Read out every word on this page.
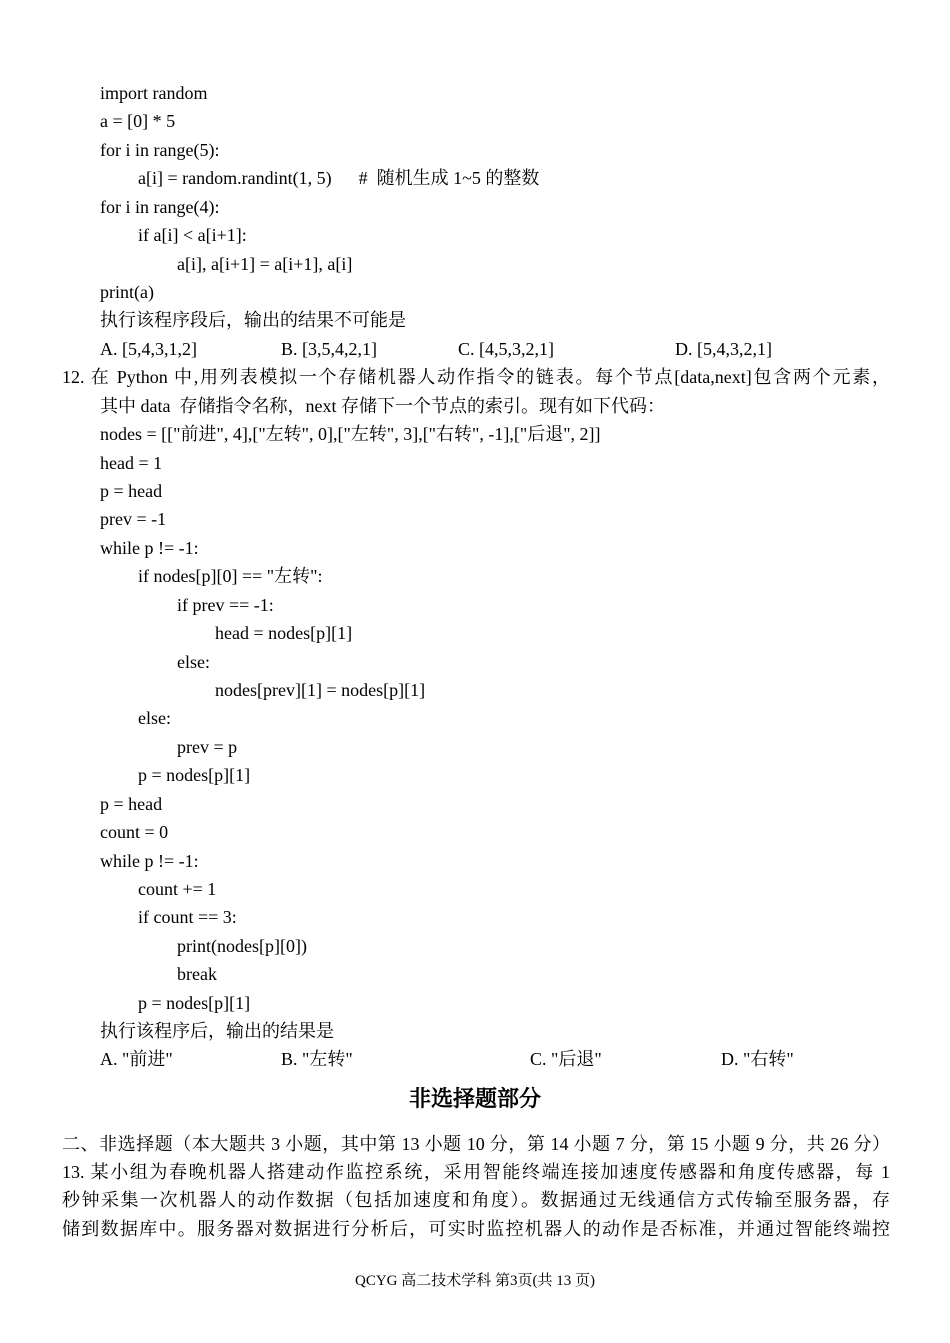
import random
a = [0] * 5
for i in range(5):
a[i] = random.randint(1, 5)      #  随机生成 1~5 的整数
for i in range(4):
if a[i] < a[i+1]:
a[i], a[i+1] = a[i+1], a[i]
print(a)
执行该程序段后，输出的结果不可能是
A. [5,4,3,1,2]	B. [3,5,4,2,1]	C. [4,5,3,2,1]	D. [5,4,3,2,1]
12. 在 Python 中,用列表模拟一个存储机器人动作指令的链表。每个节点[data,next]包含两个元素，
其中 data  存储指令名称，next 存储下一个节点的索引。现有如下代码：
nodes = [["前进", 4],["左转", 0],["左转", 3],["右转", -1],["后退", 2]]
head = 1
p = head
prev = -1
while p != -1:
if nodes[p][0] == "左转":
if prev == -1:
head = nodes[p][1]
else:
nodes[prev][1] = nodes[p][1]
else:
prev = p
p = nodes[p][1]
p = head
count = 0
while p != -1:
count += 1
if count == 3:
print(nodes[p][0])
break
p = nodes[p][1]
执行该程序后，输出的结果是
A. "前进"	B. "左转"	C. "后退"	D. "右转"
非选择题部分
二、非选择题（本大题共 3 小题，其中第 13 小题 10 分，第 14 小题 7 分，第 15 小题 9 分，共 26 分）
13. 某小组为春晚机器人搭建动作监控系统，采用智能终端连接加速度传感器和角度传感器，每 1
秒钟采集一次机器人的动作数据（包括加速度和角度）。数据通过无线通信方式传输至服务器，存
储到数据库中。服务器对数据进行分析后，可实时监控机器人的动作是否标准，并通过智能终端控
QCYG 高二技术学科 第3页(共 13 页)
